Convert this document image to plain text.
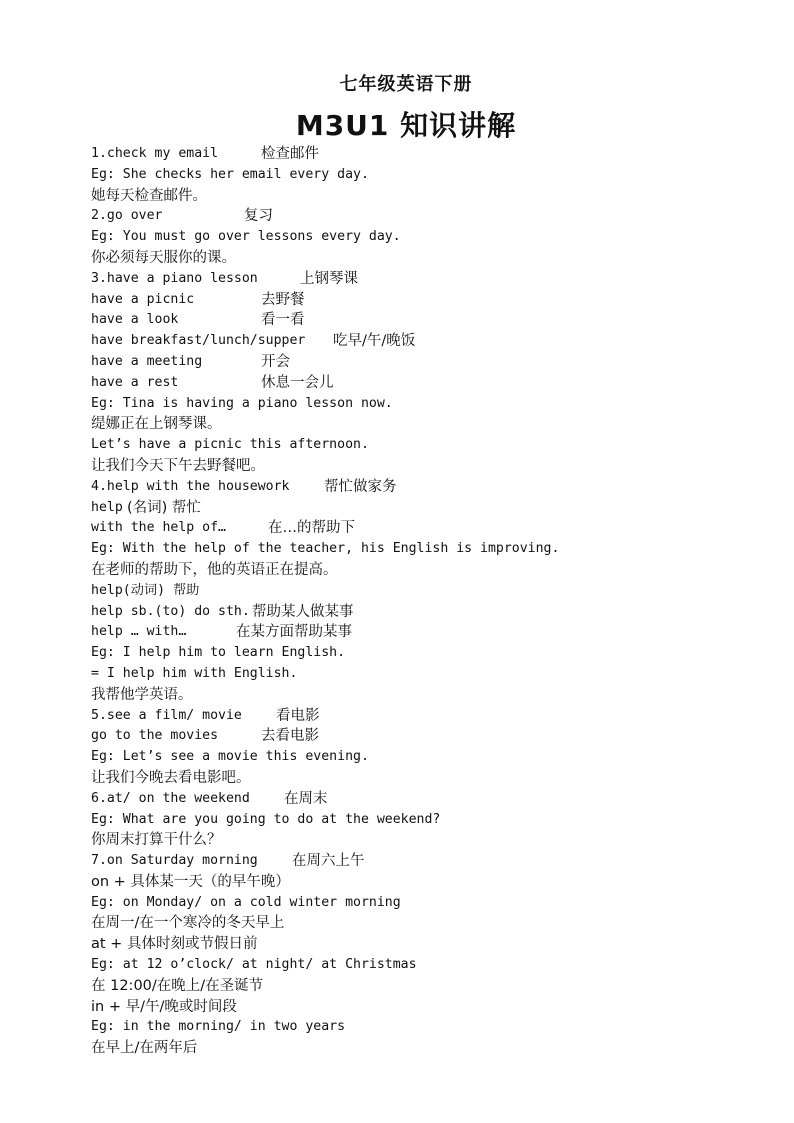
七年级英语下册
M3U1 知识讲解
1.check my email	检查邮件
Eg: She checks her email every day.
她每天检查邮件。
2.go over	复习
Eg: You must go over lessons every day.
你必须每天服你的课。
3.have a piano lesson	上钢琴课
have a picnic	去野餐
have a look	看一看
have breakfast/lunch/supper 吃早/午/晚饭
have a meeting	开会
have a rest	休息一会儿
Eg: Tina is having a piano lesson now.
缇娜正在上钢琴课。
Let’s have a picnic this afternoon.
让我们今天下午去野餐吧。
4.help with the housework 帮忙做家务
help (名词) 帮忙
with the help of…	在…的帮助下
Eg: With the help of the teacher, his English is improving.
在老师的帮助下，他的英语正在提高。
help(动词) 帮助
help sb.(to) do sth. 帮助某人做某事
help … with…	在某方面帮助某事
Eg: I help him to learn English.
= I help him with English.
我帮他学英语。
5.see a film/ movie 看电影
go to the movies	去看电影
Eg: Let’s see a movie this evening.
让我们今晚去看电影吧。
6.at/ on the weekend 在周末
Eg: What are you going to do at the weekend?
你周末打算干什么？
7.on Saturday morning 在周六上午
on + 具体某一天（的早午晚）
Eg: on Monday/ on a cold winter morning
在周一/在一个寒冷的冬天早上
at + 具体时刻或节假日前
Eg: at 12 o’clock/ at night/ at Christmas
在 12:00/在晚上/在圣诞节
in + 早/午/晚或时间段
Eg: in the morning/ in two years
在早上/在两年后
